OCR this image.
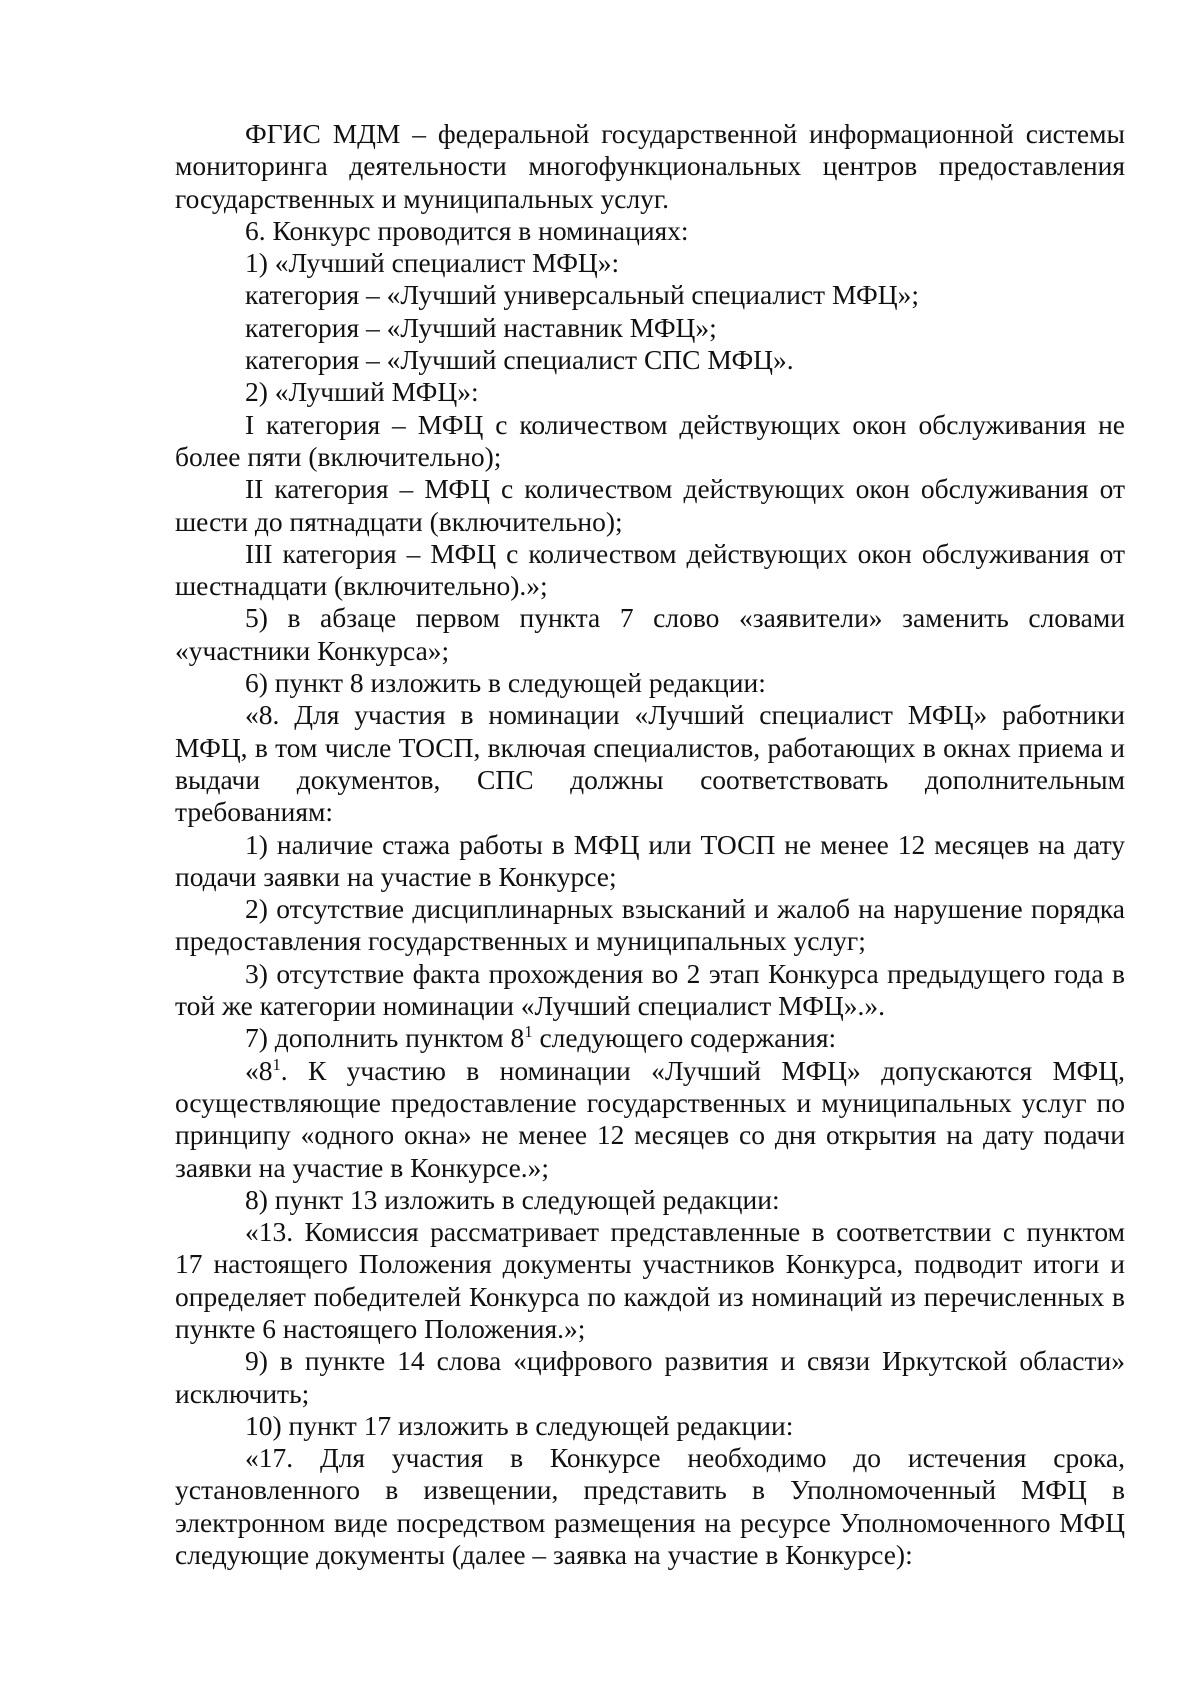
ФГИС МДМ – федеральной государственной информационной системы мониторинга деятельности многофункциональных центров предоставления государственных и муниципальных услуг.

6. Конкурс проводится в номинациях:

1) «Лучший специалист МФЦ»:

категория – «Лучший универсальный специалист МФЦ»;

категория – «Лучший наставник МФЦ»;

категория – «Лучший специалист СПС МФЦ».

2) «Лучший МФЦ»:

I категория – МФЦ с количеством действующих окон обслуживания не более пяти (включительно);

II категория – МФЦ с количеством действующих окон обслуживания от шести до пятнадцати (включительно);

III категория – МФЦ с количеством действующих окон обслуживания от шестнадцати (включительно).»;

5) в абзаце первом пункта 7 слово «заявители» заменить словами «участники Конкурса»;

6) пункт 8 изложить в следующей редакции:

«8. Для участия в номинации «Лучший специалист МФЦ» работники МФЦ, в том числе ТОСП, включая специалистов, работающих в окнах приема и выдачи документов, СПС должны соответствовать дополнительным требованиям:

1) наличие стажа работы в МФЦ или ТОСП не менее 12 месяцев на дату подачи заявки на участие в Конкурсе;

2) отсутствие дисциплинарных взысканий и жалоб на нарушение порядка предоставления государственных и муниципальных услуг;

3) отсутствие факта прохождения во 2 этап Конкурса предыдущего года в той же категории номинации «Лучший специалист МФЦ».».

7) дополнить пунктом $8^1$ следующего содержания:

«$8^1$. К участию в номинации «Лучший МФЦ» допускаются МФЦ, осуществляющие предоставление государственных и муниципальных услуг по принципу «одного окна» не менее 12 месяцев со дня открытия на дату подачи заявки на участие в Конкурсе.»;

8) пункт 13 изложить в следующей редакции:

«13. Комиссия рассматривает представленные в соответствии с пунктом 17 настоящего Положения документы участников Конкурса, подводит итоги и определяет победителей Конкурса по каждой из номинаций из перечисленных в пункте 6 настоящего Положения.»;

9) в пункте 14 слова «цифрового развития и связи Иркутской области» исключить;

10) пункт 17 изложить в следующей редакции:

«17. Для участия в Конкурсе необходимо до истечения срока, установленного в извещении, представить в Уполномоченный МФЦ в электронном виде посредством размещения на ресурсе Уполномоченного МФЦ следующие документы (далее – заявка на участие в Конкурсе):
